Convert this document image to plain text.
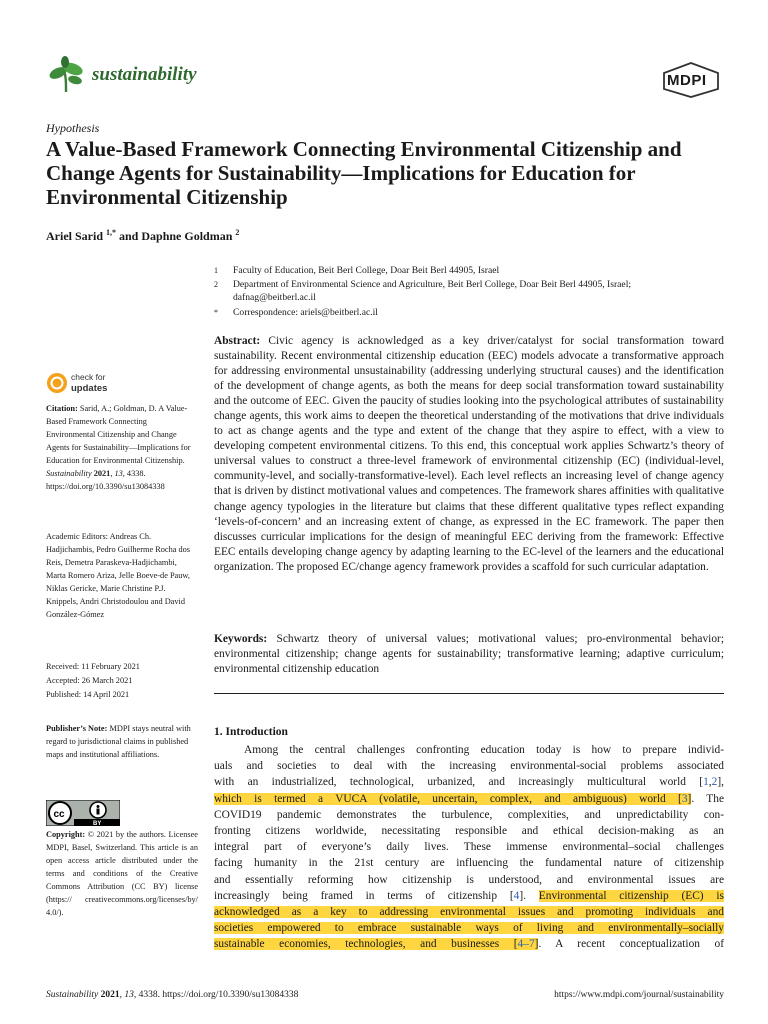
sustainability	MDPI
Hypothesis
A Value-Based Framework Connecting Environmental Citizenship and Change Agents for Sustainability—Implications for Education for Environmental Citizenship
Ariel Sarid $^{1,*}$ and Daphne Goldman $^2$
1 Faculty of Education, Beit Berl College, Doar Beit Berl 44905, Israel
2 Department of Environmental Science and Agriculture, Beit Berl College, Doar Beit Berl 44905, Israel; dafnag@beitberl.ac.il
* Correspondence: ariels@beitberl.ac.il
check for
updates
Citation: Sarid, A.; Goldman, D. A Value-Based Framework Connecting Environmental Citizenship and Change Agents for Sustainability—Implications for Education for Environmental Citizenship. Sustainability 2021, 13, 4338. https://doi.org/10.3390/su13084338
Academic Editors: Andreas Ch. Hadjichambis, Pedro Guilherme Rocha dos Reis, Demetra Paraskeva-Hadjichambi, Marta Romero Ariza, Jelle Boeve-de Pauw, Niklas Gericke, Marie Christine P.J. Knippels, Andri Christodoulou and David González-Gómez
Received: 11 February 2021
Accepted: 26 March 2021
Published: 14 April 2021
Publisher’s Note: MDPI stays neutral with regard to jurisdictional claims in published maps and institutional affiliations.
cc
BY
Copyright: © 2021 by the authors. Licensee MDPI, Basel, Switzerland. This article is an open access article distributed under the terms and conditions of the Creative Commons Attribution (CC BY) license (https:// creativecommons.org/licenses/by/ 4.0/).
Abstract: Civic agency is acknowledged as a key driver/catalyst for social transformation toward sustainability. Recent environmental citizenship education (EEC) models advocate a transformative approach for addressing environmental unsustainability (addressing underlying structural causes) and the identification of the development of change agents, as both the means for deep social transformation toward sustainability and the outcome of EEC. Given the paucity of studies looking into the psychological attributes of sustainability change agents, this work aims to deepen the theoretical understanding of the motivations that drive individuals to act as change agents and the type and extent of the change that they aspire to effect, with a view to developing competent environmental citizens. To this end, this conceptual work applies Schwartz’s theory of universal values to construct a three-level framework of environmental citizenship (EC) (individual-level, community-level, and socially-transformative-level). Each level reflects an increasing level of change agency that is driven by distinct motivational values and competences. The framework shares affinities with qualitative change agency typologies in the literature but claims that these different qualitative types reflect expanding ‘levels-of-concern’ and an increasing extent of change, as expressed in the EC framework. The paper then discusses curricular implications for the design of meaningful EEC deriving from the framework: Effective EEC entails developing change agency by adapting learning to the EC-level of the learners and the educational organization. The proposed EC/change agency framework provides a scaffold for such curricular adaptation.
Keywords: Schwartz theory of universal values; motivational values; pro-environmental behavior; environmental citizenship; change agents for sustainability; transformative learning; adaptive curriculum; environmental citizenship education
1. Introduction
Among the central challenges confronting education today is how to prepare individ-
uals and societies to deal with the increasing environmental-social problems associated
with an industrialized, technological, urbanized, and increasingly multicultural world [1,2],
which is termed a VUCA (volatile, uncertain, complex, and ambiguous) world [3]. The
COVID19 pandemic demonstrates the turbulence, complexities, and unpredictability con-
fronting citizens worldwide, necessitating responsible and ethical decision-making as an
integral part of everyone’s daily lives. These immense environmental–social challenges
facing humanity in the 21st century are influencing the fundamental nature of citizenship
and essentially reforming how citizenship is understood, and environmental issues are
increasingly being framed in terms of citizenship [4]. Environmental citizenship (EC) is
acknowledged as a key to addressing environmental issues and promoting individuals and
societies empowered to embrace sustainable ways of living and environmentally–socially
sustainable economies, technologies, and businesses [4–7]. A recent conceptualization of
Sustainability 2021, 13, 4338. https://doi.org/10.3390/su13084338	https://www.mdpi.com/journal/sustainability
